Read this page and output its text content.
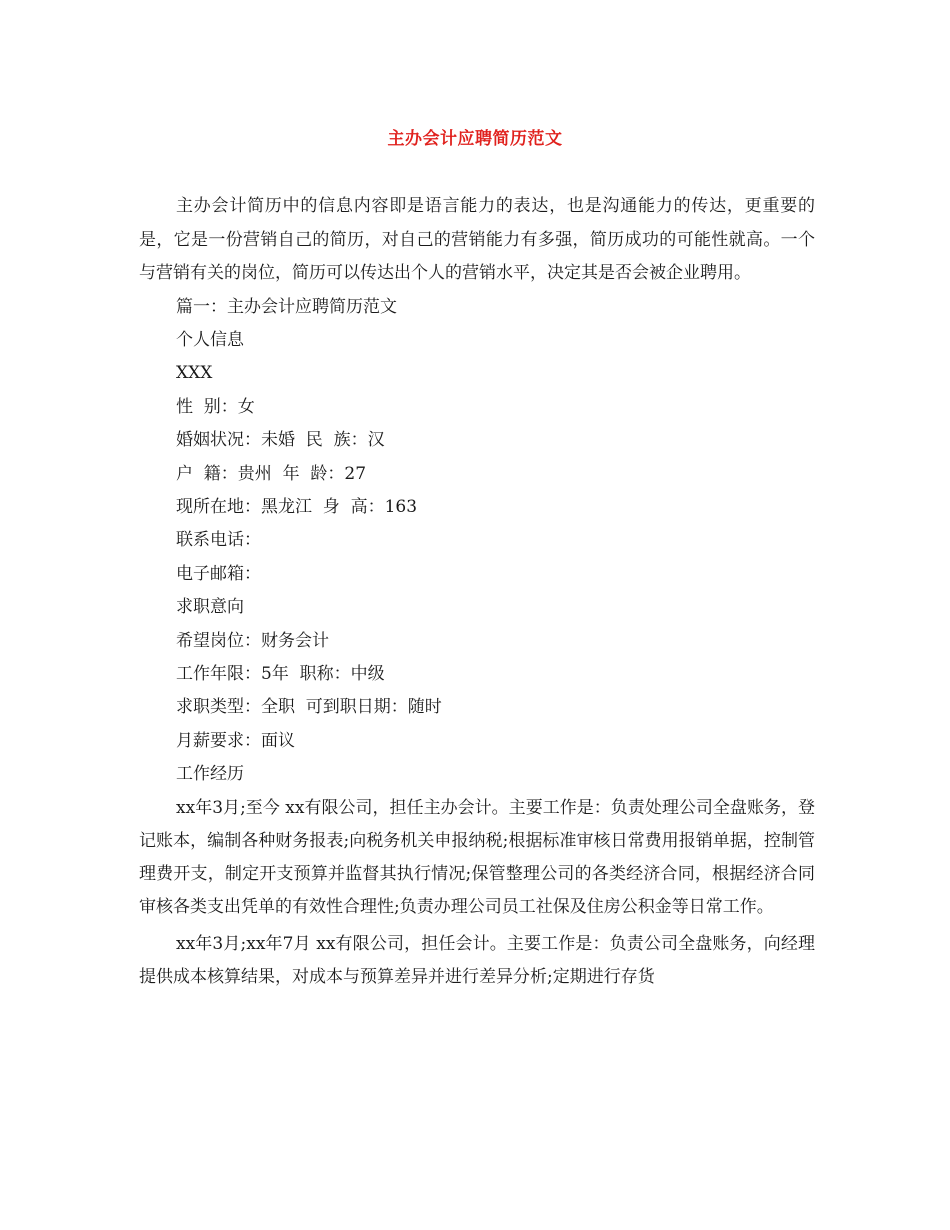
主办会计应聘简历范文

主办会计简历中的信息内容即是语言能力的表达，也是沟通能力的传达，更重要的是，它是一份营销自己的简历，对自己的营销能力有多强，简历成功的可能性就高。一个与营销有关的岗位，简历可以传达出个人的营销水平，决定其是否会被企业聘用。

篇一：主办会计应聘简历范文

个人信息

XXX

性  别：女

婚姻状况：未婚  民  族：汉

户  籍：贵州  年  龄：27

现所在地：黑龙江  身  高：163

联系电话：

电子邮箱：

求职意向

希望岗位：财务会计

工作年限：5年  职称：中级

求职类型：全职  可到职日期：随时

月薪要求：面议

工作经历

xx年3月;至今 xx有限公司，担任主办会计。主要工作是：负责处理公司全盘账务，登记账本，编制各种财务报表;向税务机关申报纳税;根据标准审核日常费用报销单据，控制管理费开支，制定开支预算并监督其执行情况;保管整理公司的各类经济合同，根据经济合同审核各类支出凭单的有效性合理性;负责办理公司员工社保及住房公积金等日常工作。

xx年3月;xx年7月 xx有限公司，担任会计。主要工作是：负责公司全盘账务，向经理提供成本核算结果，对成本与预算差异并进行差异分析;定期进行存货
